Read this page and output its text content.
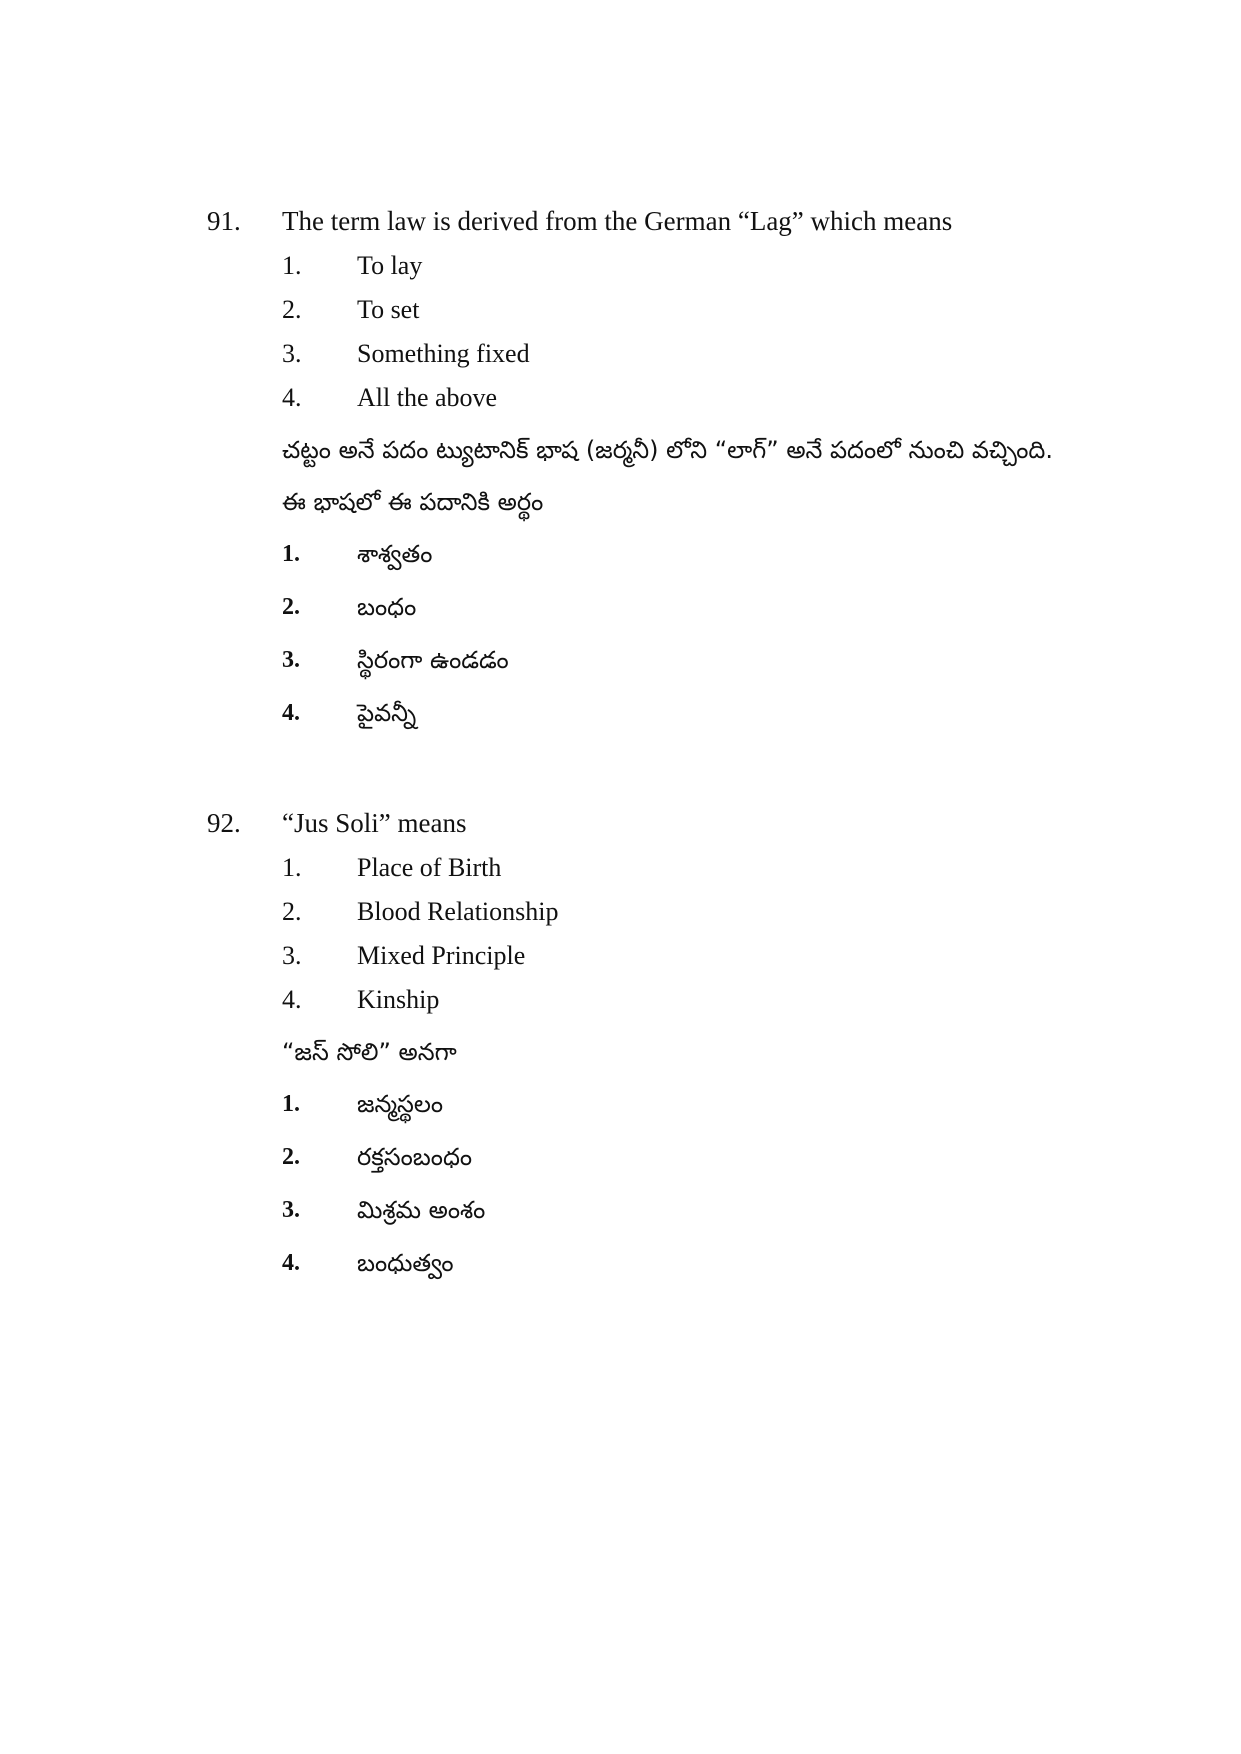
91. The term law is derived from the German “Lag” which means
1. To lay
2. To set
3. Something fixed
4. All the above
చట్టం అనే పదం ట్యుటానిక్ భాష (జర్మనీ) లోని “లాగ్” అనే పదంలో నుంచి వచ్చింది. ఈ భాషలో ఈ పదానికి అర్థం
1. శాశ్వతం
2. బంధం
3. స్థిరంగా ఉండడం
4. పైవన్నీ
92. “Jus Soli” means
1. Place of Birth
2. Blood Relationship
3. Mixed Principle
4. Kinship
“జస్ సోలి” అనగా
1. జన్మస్థలం
2. రక్తసంబంధం
3. మిశ్రమ అంశం
4. బంధుత్వం
